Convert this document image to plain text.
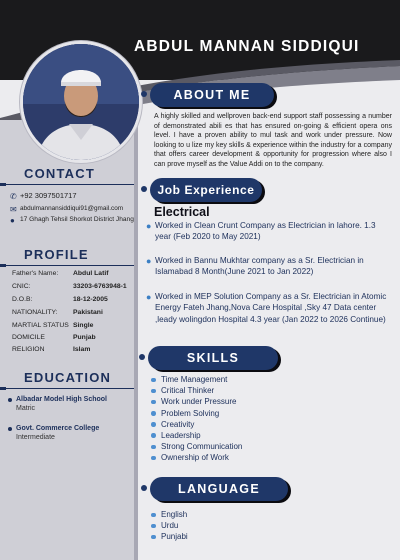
ABDUL MANNAN SIDDIQUI
CONTACT
✆ +92 3097501717
✉ abdulmannansiddiqui91@gmail.com
● 17 Ghagh Tehsil Shorkot District Jhang
PROFILE
Father's Name:	Abdul Latif
CNIC:	33203-6763948-1
D.O.B:	18-12-2005
NATIONALITY:	Pakistani
MARTIAL STATUS Single
DOMICILE	Punjab
RELIGION	Islam
EDUCATION
Albadar Model High School
Matric
Govt. Commerce College
Intermediate
ABOUT ME
A highly skilled and wellproven back-end support staff possessing a number of demonstrated abili es that has ensured on-going & efficient opera ons level. I have a proven ability to mul task and work under pressure. Now looking to u lize my key skills & experience within the industry for a company that offers career development & opportunity for progression where also I can prove myself as the Value Addi on to the company.
Job Experience
Electrical
● Worked in Clean Crunt Company as Electrician in lahore. 1.3 year (Feb 2020 to May 2021)
● Worked in Bannu Mukhtar company as a Sr. Electrician in Islamabad 8 Month(June 2021 to Jan 2022)
● Worked in MEP Solution Company as a Sr. Electrician in Atomic Energy Fateh Jhang,Nova Care Hospital ,Sky 47 Data center ,leady wolingdon Hospital 4.3 year (Jan 2022 to 2026 Continue)
SKILLS
Time Management
Critical Thinker
Work under Pressure
Problem Solving
Creativity
Leadership
Strong Communication
Ownership of Work
LANGUAGE
English
Urdu
Punjabi
